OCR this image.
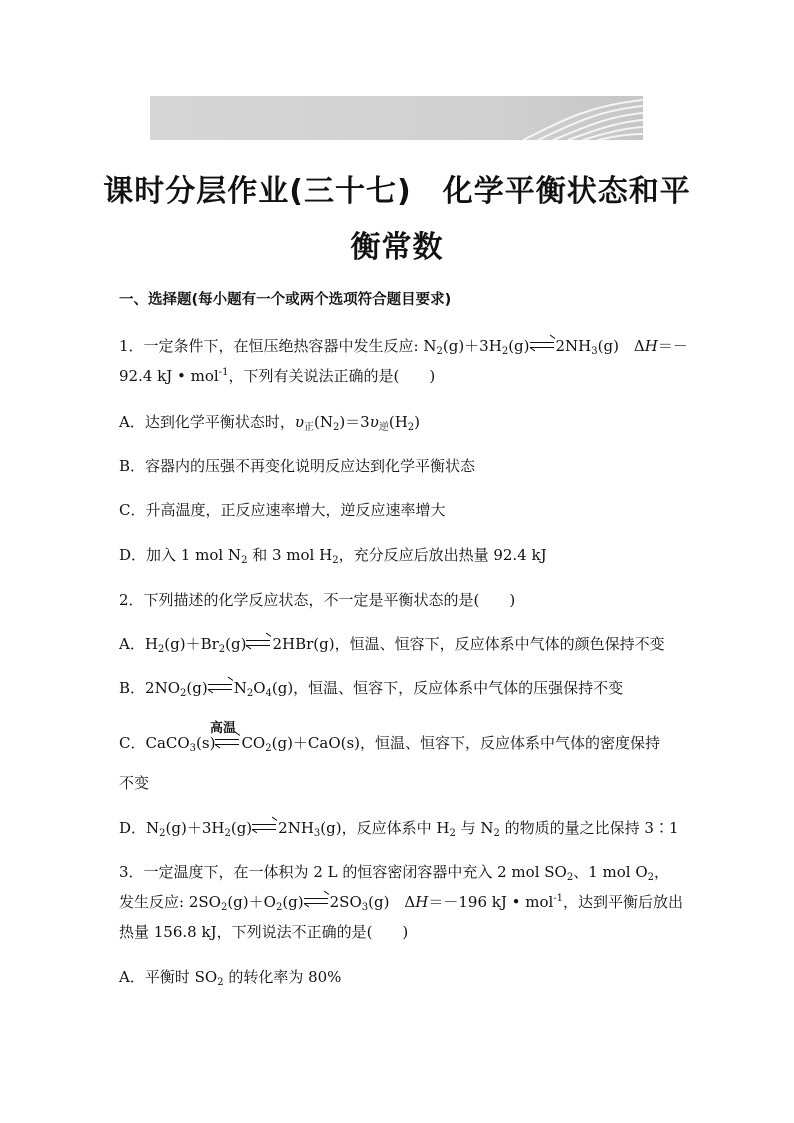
课时分层作业(三十七)　化学平衡状态和平
衡常数
一、选择题(每小题有一个或两个选项符合题目要求)
1．一定条件下，在恒压绝热容器中发生反应: $N_2(g)+3H_2(g)$ $2NH_3(g)$　ΔH＝－
92.4 kJ • mol$^{-1}$，下列有关说法正确的是(　　)
A．达到化学平衡状态时，$\upsilon_正(N_2)=3\upsilon_逆(H_2)$
B．容器内的压强不再变化说明反应达到化学平衡状态
C．升高温度，正反应速率增大，逆反应速率增大
D．加入 1 mol $N_2$ 和 3 mol $H_2$，充分反应后放出热量 92.4 kJ
2．下列描述的化学反应状态，不一定是平衡状态的是(　　)
A．$H_2(g)+Br_2(g)$ 2HBr(g)，恒温、恒容下，反应体系中气体的颜色保持不变
B．$2NO_2(g)$ $N_2O_4(g)$，恒温、恒容下，反应体系中气体的压强保持不变
高温
C．CaCO$_3$(s) $CO_2(g)+CaO(s)$，恒温、恒容下，反应体系中气体的密度保持
不变
D．$N_2(g)+3H_2(g)$ $2NH_3(g)$，反应体系中 $H_2$ 与 $N_2$ 的物质的量之比保持 3∶1
3．一定温度下，在一体积为 2 L 的恒容密闭容器中充入 2 mol $SO_2$、1 mol $O_2$，
发生反应: $2SO_2(g)+O_2(g)$ $2SO_3(g)$　ΔH＝－196 kJ • mol$^{-1}$，达到平衡后放出
热量 156.8 kJ，下列说法不正确的是(　　)
A．平衡时 $SO_2$ 的转化率为 80%
